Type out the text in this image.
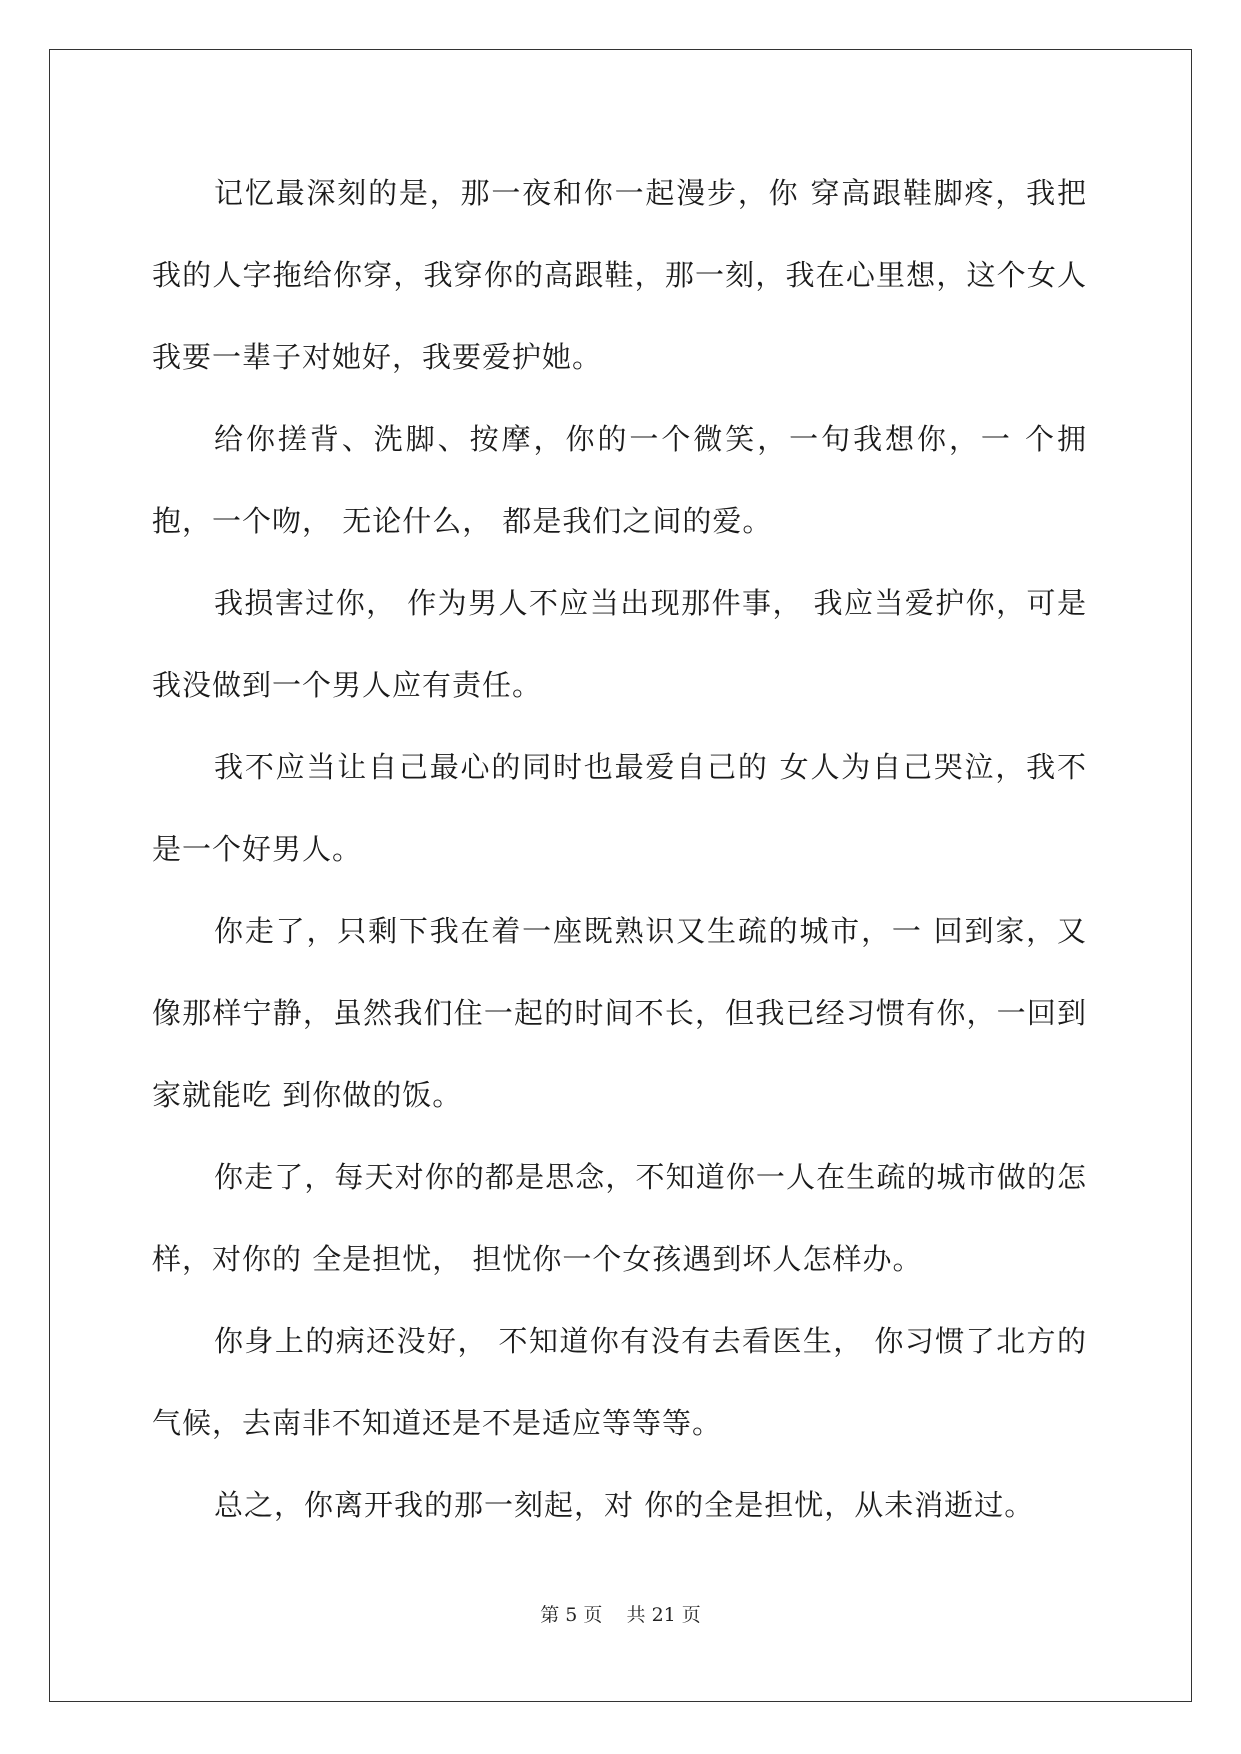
记忆最深刻的是，那一夜和你一起漫步，你 穿高跟鞋脚疼，我把我的人字拖给你穿，我穿你的高跟鞋，那一刻，我在心里想，这个女人 我要一辈子对她好，我要爱护她。

给你搓背、洗脚、按摩，你的一个微笑，一句我想你，一 个拥抱，一个吻， 无论什么， 都是我们之间的爱。

我损害过你， 作为男人不应当出现那件事， 我应当爱护你，可是我没做到一个男人应有责任。

我不应当让自己最心的同时也最爱自己的 女人为自己哭泣，我不是一个好男人。

你走了，只剩下我在着一座既熟识又生疏的城市，一 回到家，又像那样宁静，虽然我们住一起的时间不长，但我已经习惯有你，一回到家就能吃 到你做的饭。

你走了，每天对你的都是思念，不知道你一人在生疏的城市做的怎样，对你的 全是担忧， 担忧你一个女孩遇到坏人怎样办。

你身上的病还没好， 不知道你有没有去看医生， 你习惯了北方的气候，去南非不知道还是不是适应等等等。

总之，你离开我的那一刻起，对 你的全是担忧，从未消逝过。

第 5 页    共 21 页
